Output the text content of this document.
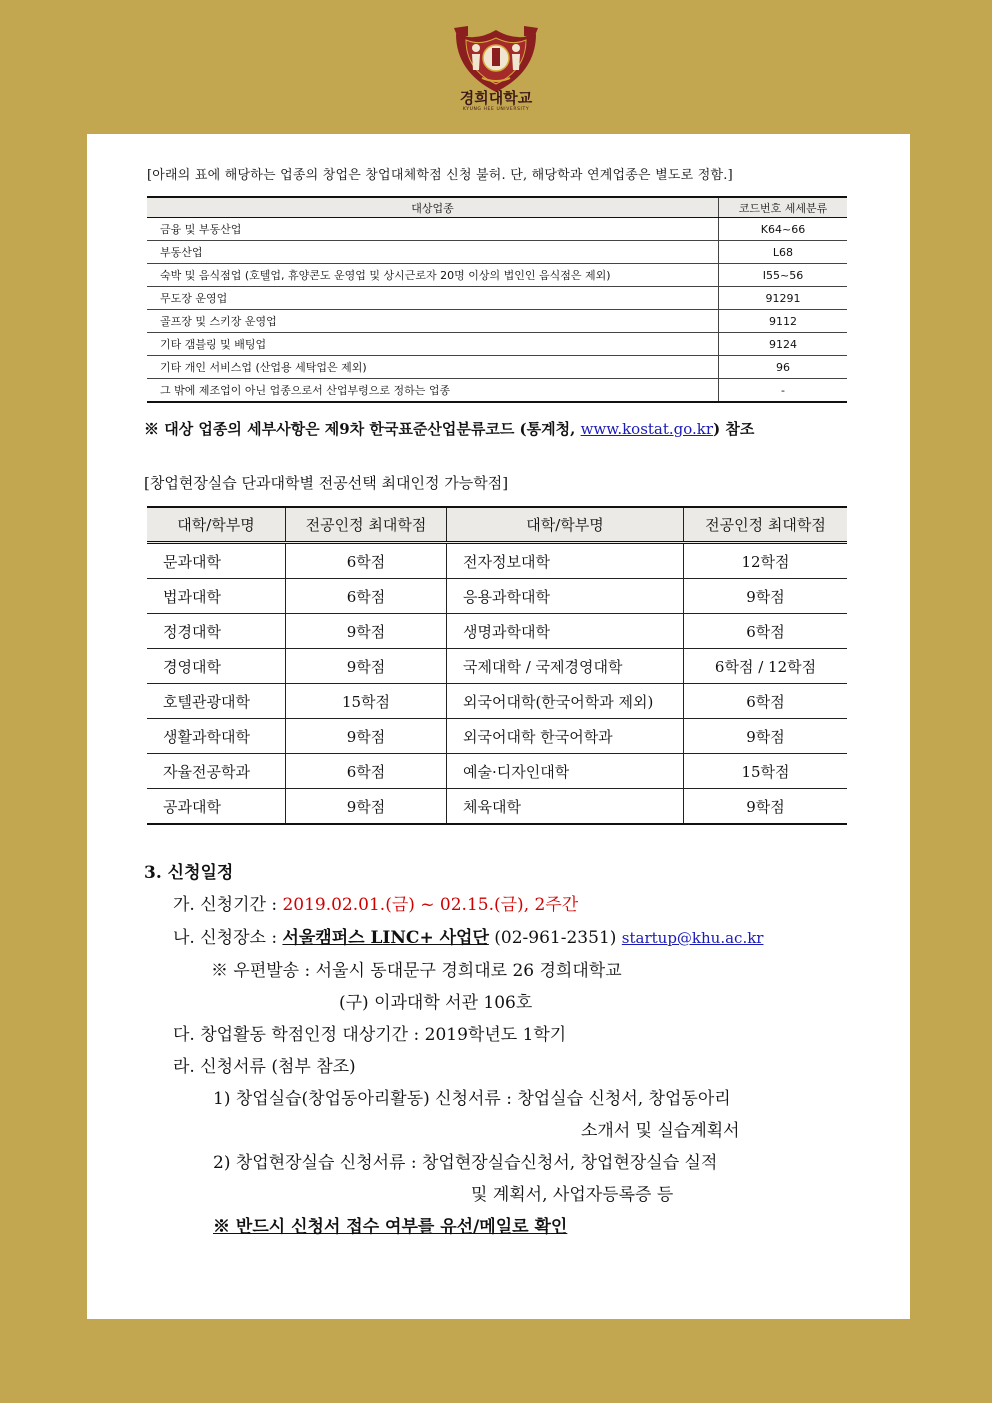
경희대학교
KYUNG HEE UNIVERSITY
[아래의 표에 해당하는 업종의 창업은 창업대체학점 신청 불허. 단, 해당학과 연계업종은 별도로 정함.]
대상업종	코드번호 세세분류
금융 및 부동산업	K64~66
부동산업	L68
숙박 및 음식점업 (호텔업, 휴양콘도 운영업 및 상시근로자 20명 이상의 법인인 음식점은 제외)	I55~56
무도장 운영업	91291
골프장 및 스키장 운영업	9112
기타 갬블링 및 배팅업	9124
기타 개인 서비스업 (산업용 세탁업은 제외)	96
그 밖에 제조업이 아닌 업종으로서 산업부령으로 정하는 업종	-
※ 대상 업종의 세부사항은 제9차 한국표준산업분류코드 (통계청, www.kostat.go.kr) 참조
[창업현장실습 단과대학별 전공선택 최대인정 가능학점]
대학/학부명	전공인정 최대학점	대학/학부명	전공인정 최대학점
문과대학	6학점	전자정보대학	12학점
법과대학	6학점	응용과학대학	9학점
정경대학	9학점	생명과학대학	6학점
경영대학	9학점	국제대학 / 국제경영대학	6학점 / 12학점
호텔관광대학	15학점	외국어대학(한국어학과 제외)	6학점
생활과학대학	9학점	외국어대학 한국어학과	9학점
자율전공학과	6학점	예술·디자인대학	15학점
공과대학	9학점	체육대학	9학점
3. 신청일정
가. 신청기간 : 2019.02.01.(금) ~ 02.15.(금), 2주간
나. 신청장소 : 서울캠퍼스 LINC+ 사업단 (02-961-2351) startup@khu.ac.kr
※ 우편발송 : 서울시 동대문구 경희대로 26 경희대학교
(구) 이과대학 서관 106호
다. 창업활동 학점인정 대상기간 : 2019학년도 1학기
라. 신청서류 (첨부 참조)
1) 창업실습(창업동아리활동) 신청서류 : 창업실습 신청서, 창업동아리
소개서 및 실습계획서
2) 창업현장실습 신청서류 : 창업현장실습신청서, 창업현장실습 실적
및 계획서, 사업자등록증 등
※ 반드시 신청서 접수 여부를 유선/메일로 확인
